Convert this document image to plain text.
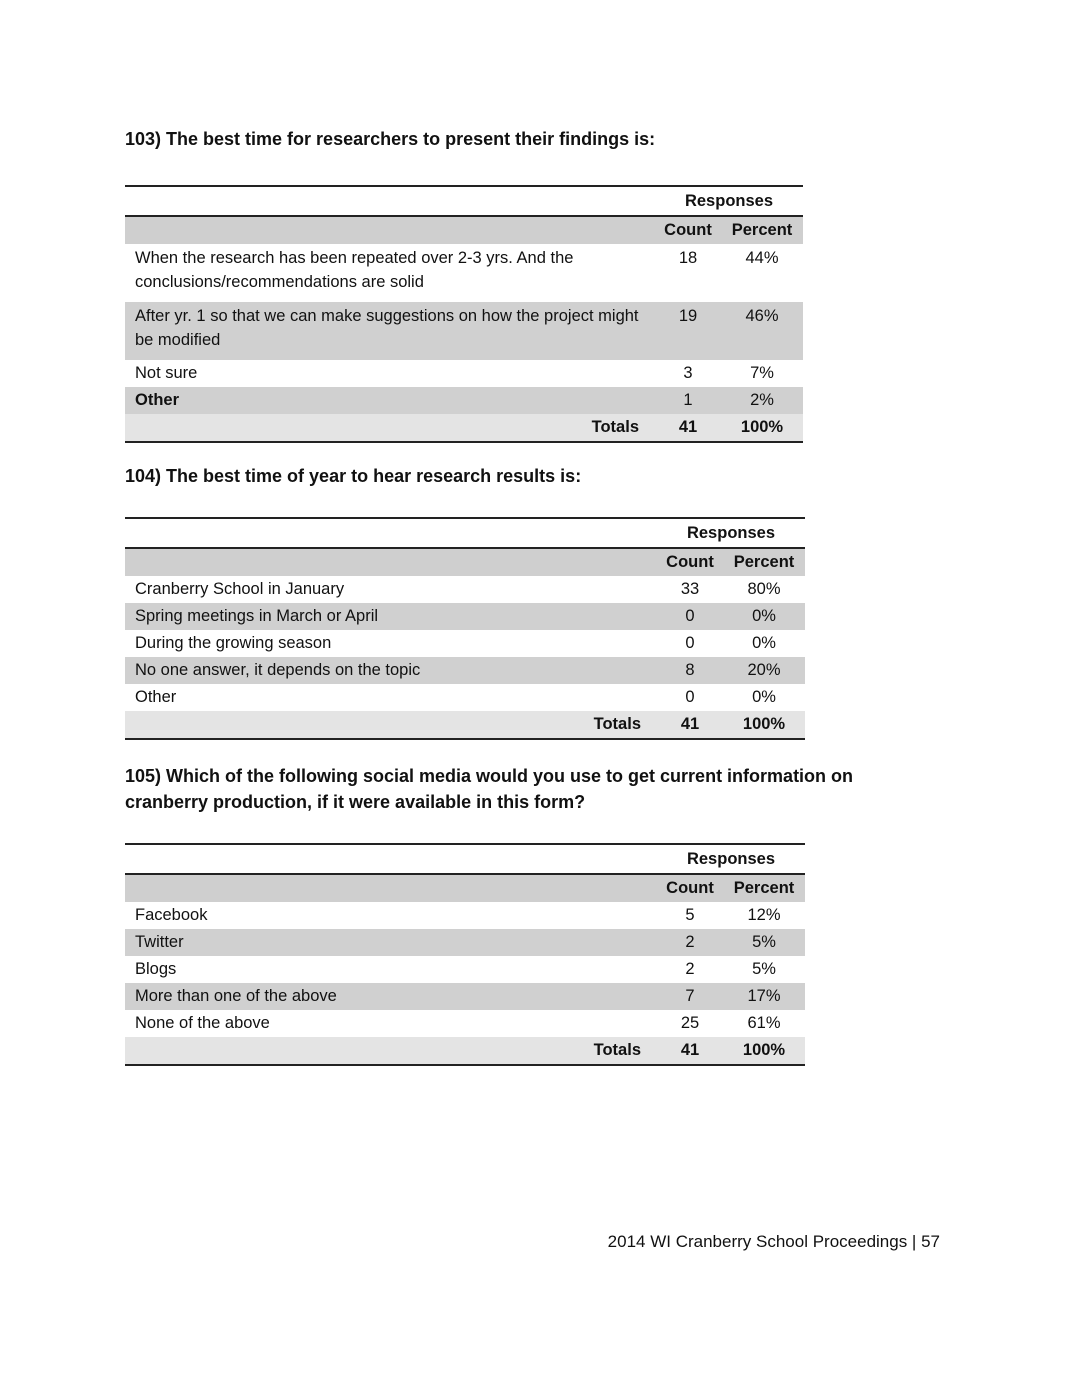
103) The best time for researchers to present their findings is:
	Responses	
	Count	Percent
When the research has been repeated over 2-3 yrs. And the conclusions/recommendations are solid	18	44%
After yr. 1 so that we can make suggestions on how the project might be modified	19	46%
Not sure	3	7%
Other	1	2%
Totals	41	100%
104) The best time of year to hear research results is:
	Responses	
	Count	Percent
Cranberry School in January	33	80%
Spring meetings in March or April	0	0%
During the growing season	0	0%
No one answer, it depends on the topic	8	20%
Other	0	0%
Totals	41	100%
105) Which of the following social media would you use to get current information on cranberry production, if it were available in this form?
	Responses	
	Count	Percent
Facebook	5	12%
Twitter	2	5%
Blogs	2	5%
More than one of the above	7	17%
None of the above	25	61%
Totals	41	100%
2014 WI Cranberry School Proceedings | 57
